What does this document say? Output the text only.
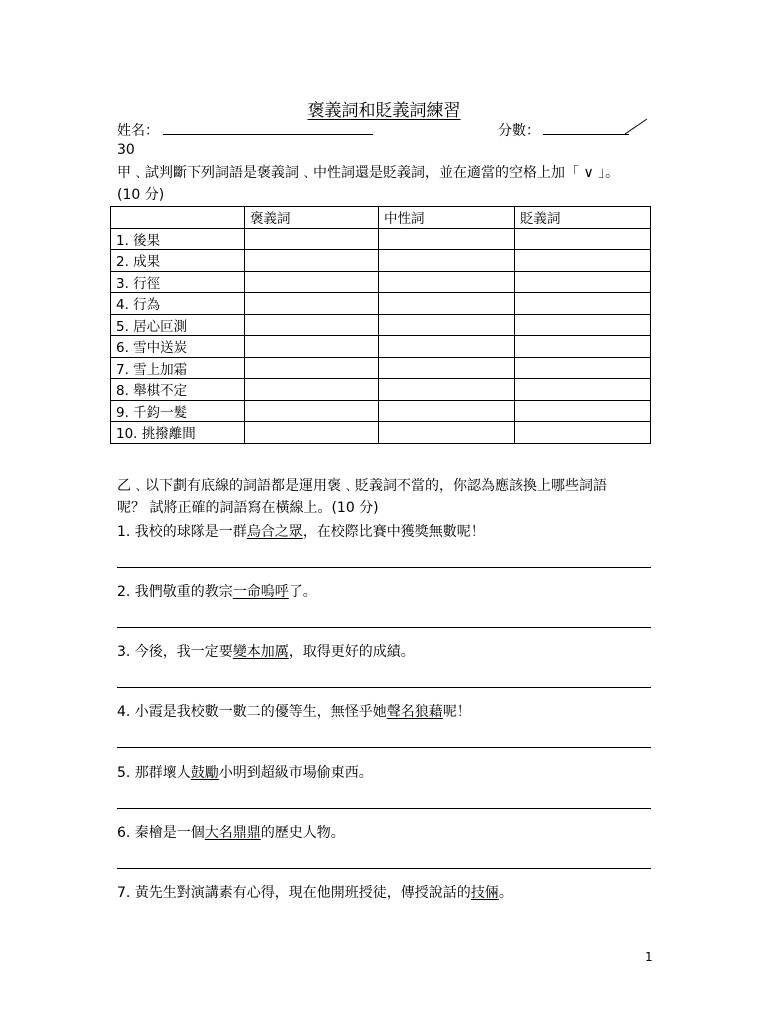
褒義詞和貶義詞練習
姓名：	分數：
30
甲﹑試判斷下列詞語是褒義詞﹑中性詞還是貶義詞，並在適當的空格上加「 ∨ 」。
(10 分)
	褒義詞	中性詞	貶義詞
1. 後果			
2. 成果			
3. 行徑			
4. 行為			
5. 居心叵測			
6. 雪中送炭			
7. 雪上加霜			
8. 舉棋不定			
9. 千鈞一髮			
10. 挑撥離間			
乙﹑以下劃有底線的詞語都是運用褒﹑貶義詞不當的，你認為應該換上哪些詞語
呢？ 試將正確的詞語寫在橫線上。(10 分)
1. 我校的球隊是一群烏合之眾，在校際比賽中獲獎無數呢！
2. 我們敬重的教宗一命嗚呼了。
3. 今後，我一定要變本加厲，取得更好的成績。
4. 小霞是我校數一數二的優等生，無怪乎她聲名狼藉呢！
5. 那群壞人鼓勵小明到超級市場偷東西。
6. 秦檜是一個大名鼎鼎的歷史人物。
7. 黃先生對演講素有心得，現在他開班授徒，傳授說話的技倆。
1
